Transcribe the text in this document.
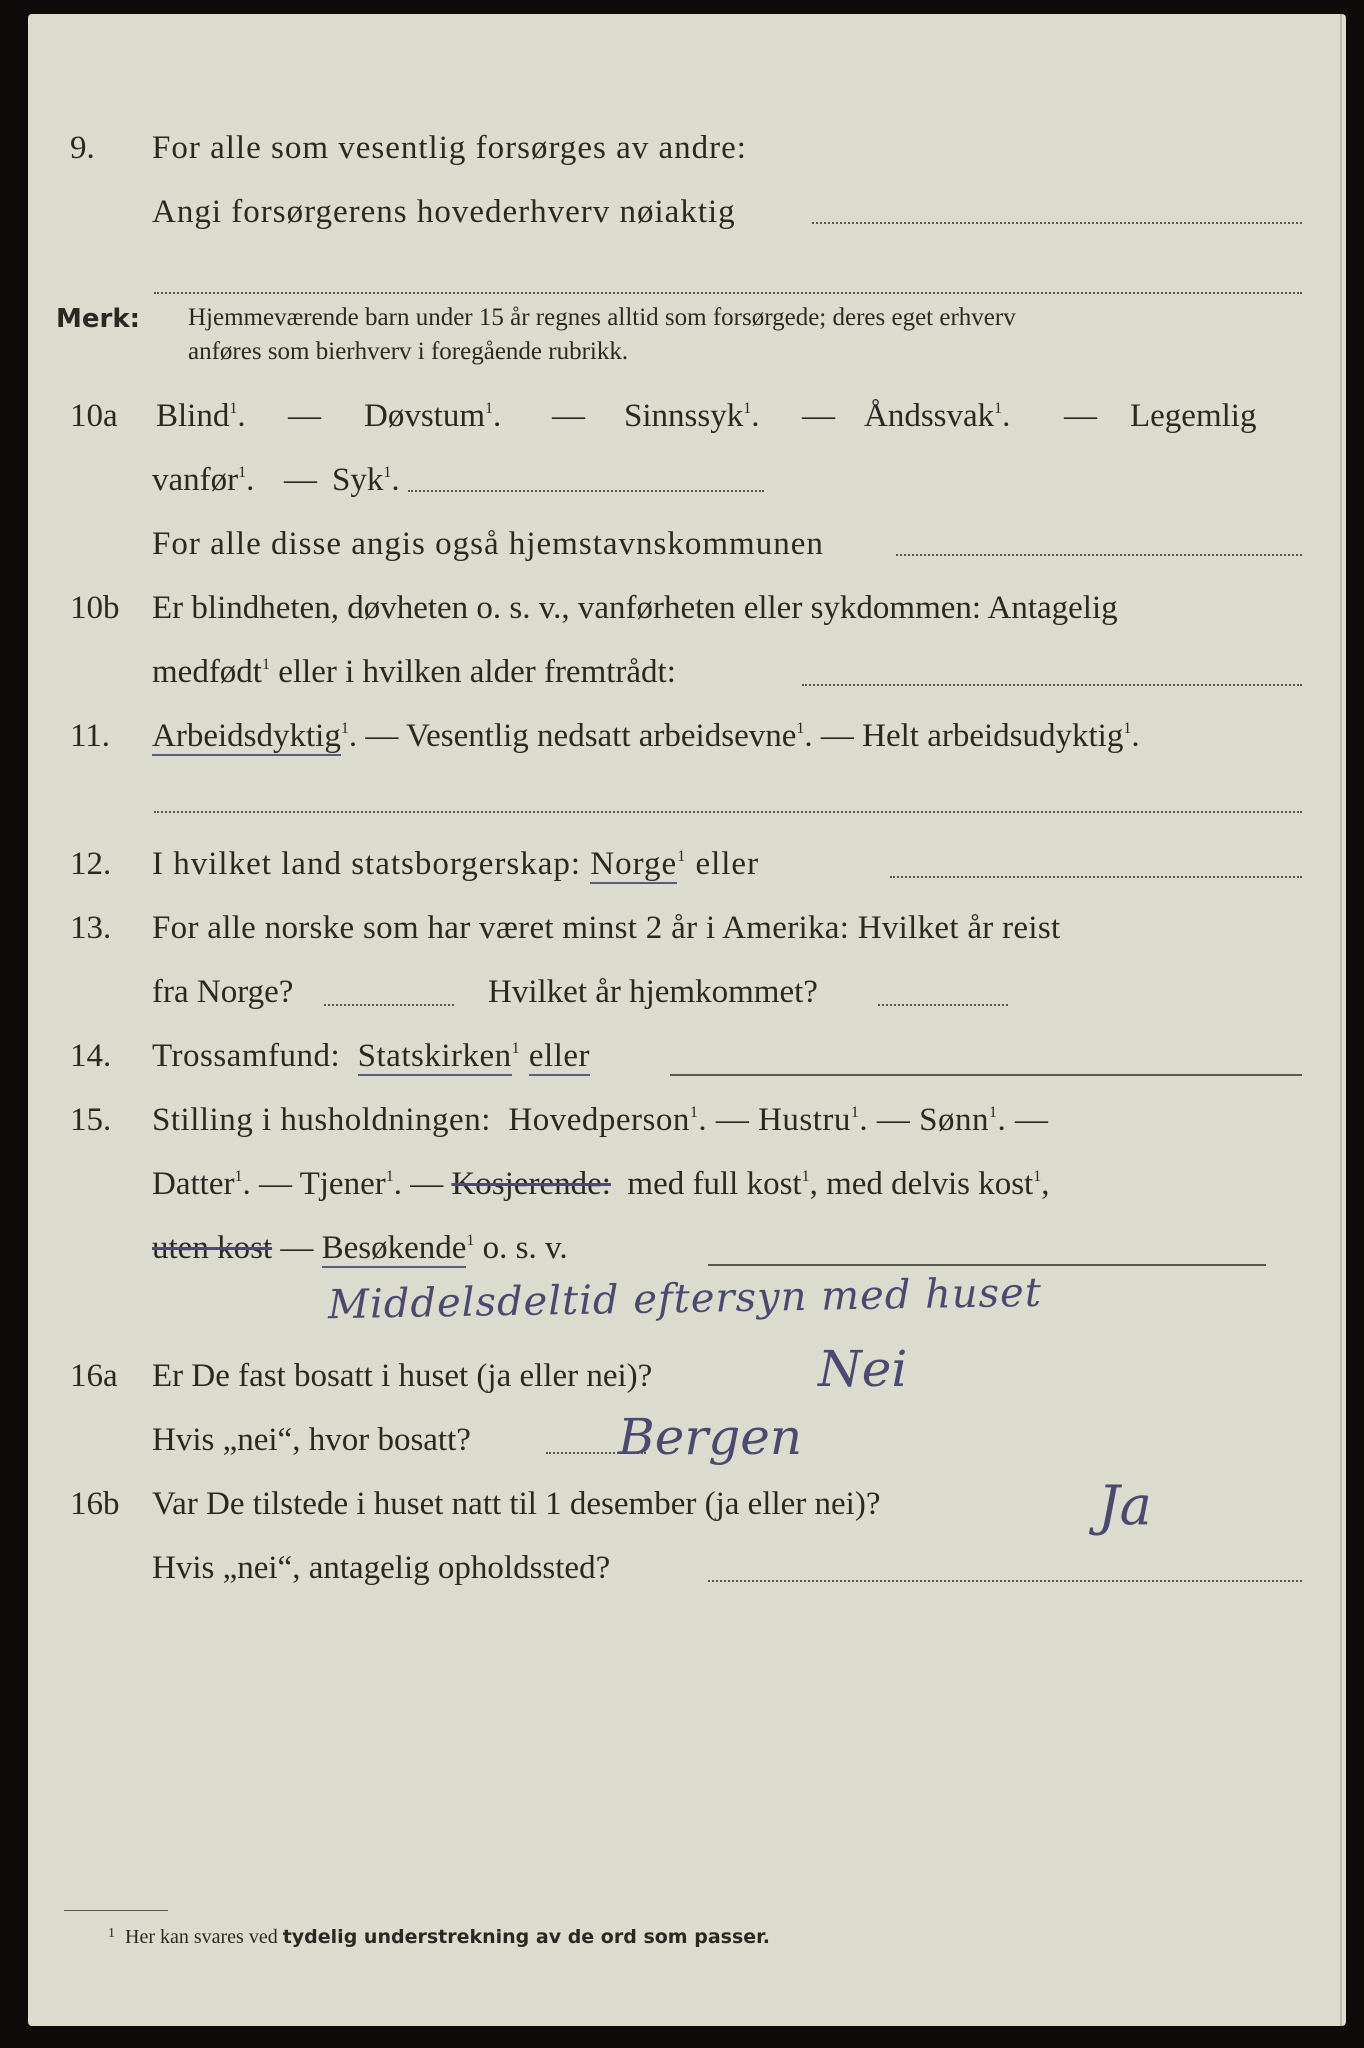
9. For alle som vesentlig forsørges av andre:
Angi forsørgerens hovederhverv nøiaktig
Merk: Hjemmeværende barn under 15 år regnes alltid som forsørgede; deres eget erhverv
anføres som bierhverv i foregående rubrikk.
10a Blind$^1$. — Døvstum$^1$. — Sinnssyk$^1$. — Åndssvak$^1$. — Legemlig
vanfør$^1$. — Syk$^1$.
For alle disse angis også hjemstavnskommunen
10b Er blindheten, døvheten o. s. v., vanførheten eller sykdommen: Antagelig
medfødt$^1$ eller i hvilken alder fremtrådt:
11. Arbeidsdyktig$^1$. — Vesentlig nedsatt arbeidsevne$^1$. — Helt arbeidsudyktig$^1$.
12. I hvilket land statsborgerskap: Norge$^1$ eller
13. For alle norske som har været minst 2 år i Amerika: Hvilket år reist
fra Norge?	Hvilket år hjemkommet?
14. Trossamfund: Statskirken$^1$ eller
15. Stilling i husholdningen: Hovedperson$^1$. — Hustru$^1$. — Sønn$^1$. —
Datter$^1$. — Tjener$^1$. — Kosjerende: med full kost$^1$, med delvis kost$^1$,
uten kost — Besøkende$^1$ o. s. v.
Middelsdeltid eftersyn med huset
16a Er De fast bosatt i huset (ja eller nei)?	Nei
Hvis „nei“, hvor bosatt?	Bergen
16b Var De tilstede i huset natt til 1 desember (ja eller nei)?	Ja
Hvis „nei“, antagelig opholdssted?
$^1$ Her kan svares ved tydelig understrekning av de ord som passer.
